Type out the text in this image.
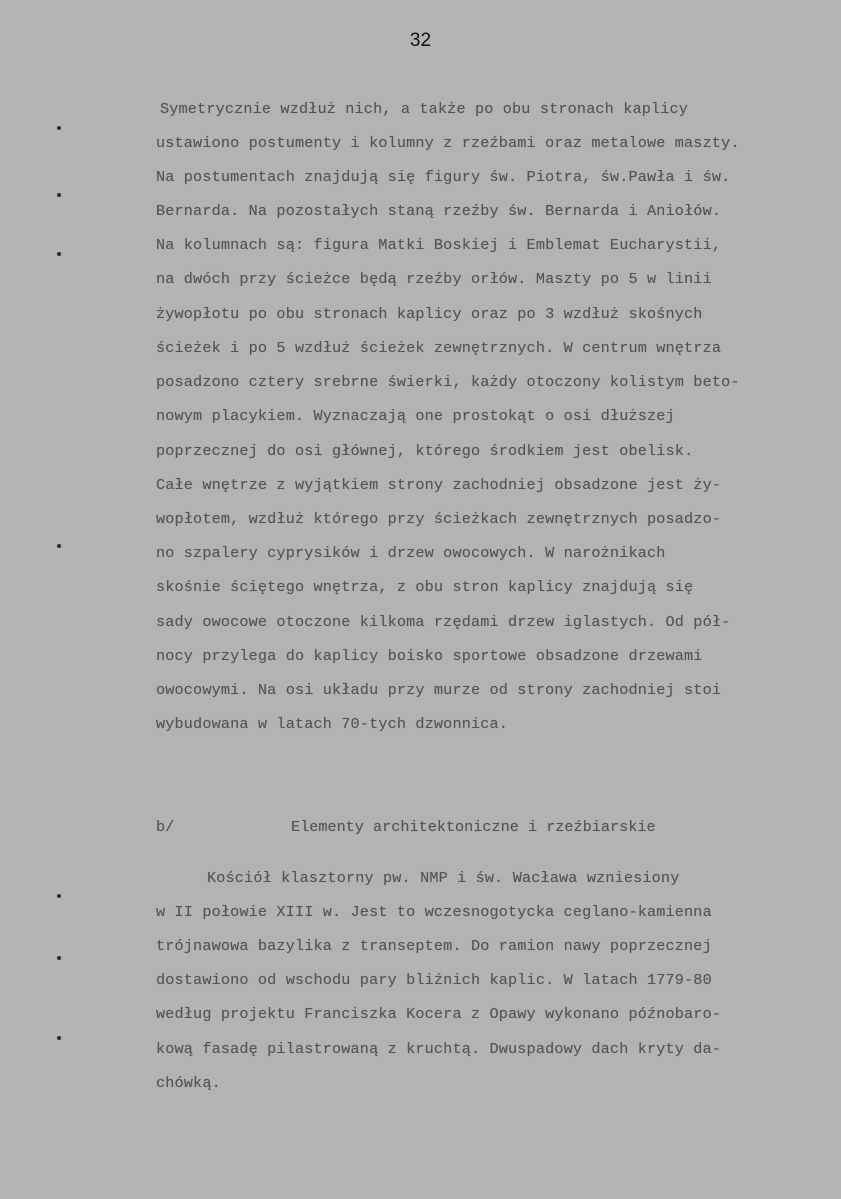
32
Symetrycznie wzdłuż nich, a także po obu stronach kaplicy
ustawiono postumenty i kolumny z rzeźbami oraz metalowe maszty.
Na postumentach znajdują się figury św. Piotra, św.Pawła i św.
Bernarda. Na pozostałych staną rzeźby św. Bernarda i Aniołów.
Na kolumnach są: figura Matki Boskiej i Emblemat Eucharystii,
na dwóch przy ścieżce będą rzeźby orłów. Maszty po 5 w linii
żywopłotu po obu stronach kaplicy oraz po 3 wzdłuż skośnych
ścieżek i po 5 wzdłuż ścieżek zewnętrznych. W centrum wnętrza
posadzono cztery srebrne świerki, każdy otoczony kolistym beto-
nowym placykiem. Wyznaczają one prostokąt o osi dłuższej
poprzecznej do osi głównej, którego środkiem jest obelisk.
Całe wnętrze z wyjątkiem strony zachodniej obsadzone jest ży-
wopłotem, wzdłuż którego przy ścieżkach zewnętrznych posadzo-
no szpalery cyprysików i drzew owocowych. W narożnikach
skośnie ściętego wnętrza, z obu stron kaplicy znajdują się
sady owocowe otoczone kilkoma rzędami drzew iglastych. Od pół-
nocy przylega do kaplicy boisko sportowe obsadzone drzewami
owocowymi. Na osi układu przy murze od strony zachodniej stoi
wybudowana w latach 70-tych dzwonnica.
b/	Elementy architektoniczne i rzeźbiarskie
Kościół klasztorny pw. NMP i św. Wacława wzniesiony
w II połowie XIII w. Jest to wczesnogotycka ceglano-kamienna
trójnawowa bazylika z transeptem. Do ramion nawy poprzecznej
dostawiono od wschodu pary bliźnich kaplic. W latach 1779-80
według projektu Franciszka Kocera z Opawy wykonano późnobaro-
kową fasadę pilastrowaną z kruchtą. Dwuspadowy dach kryty da-
chówką.
